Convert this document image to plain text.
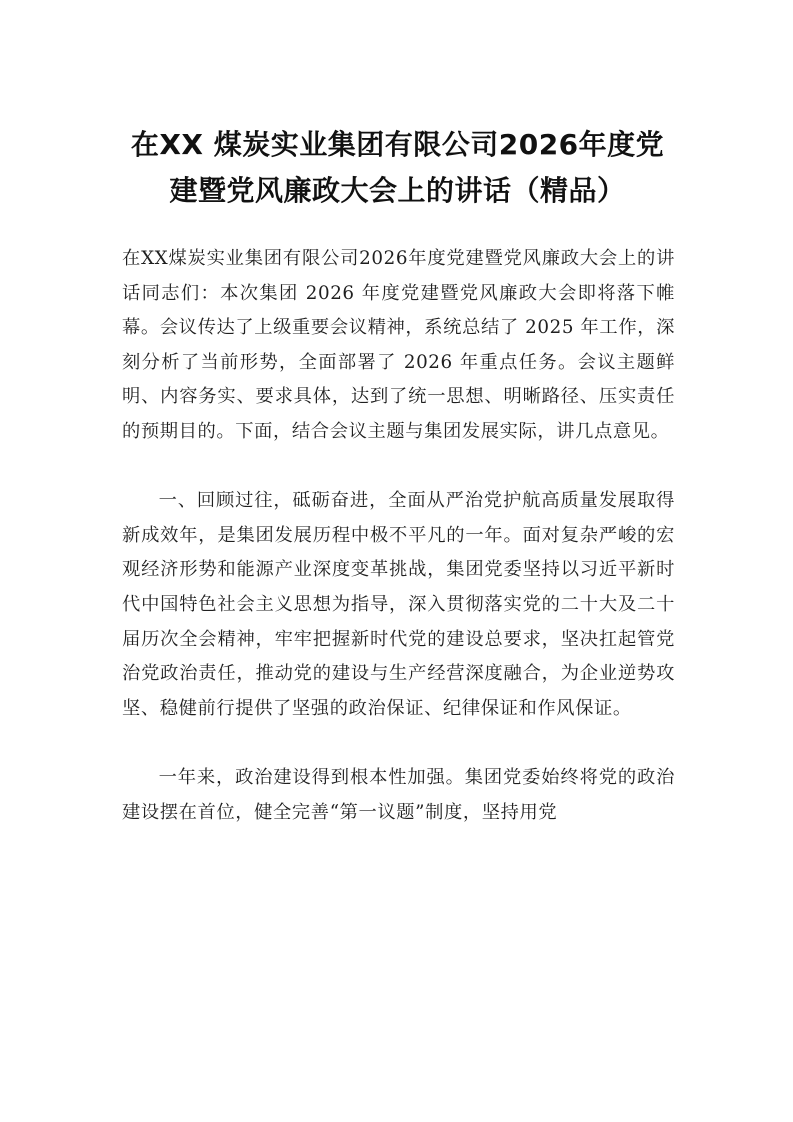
在XX 煤炭实业集团有限公司2026年度党
建暨党风廉政大会上的讲话（精品）

在XX煤炭实业集团有限公司2026年度党建暨党风廉政大会上的讲话同志们：本次集团 2026 年度党建暨党风廉政大会即将落下帷幕。会议传达了上级重要会议精神，系统总结了 2025 年工作，深刻分析了当前形势，全面部署了 2026 年重点任务。会议主题鲜明、内容务实、要求具体，达到了统一思想、明晰路径、压实责任的预期目的。下面，结合会议主题与集团发展实际，讲几点意见。

一、回顾过往，砥砺奋进，全面从严治党护航高质量发展取得新成效年，是集团发展历程中极不平凡的一年。面对复杂严峻的宏观经济形势和能源产业深度变革挑战，集团党委坚持以习近平新时代中国特色社会主义思想为指导，深入贯彻落实党的二十大及二十届历次全会精神，牢牢把握新时代党的建设总要求，坚决扛起管党治党政治责任，推动党的建设与生产经营深度融合，为企业逆势攻坚、稳健前行提供了坚强的政治保证、纪律保证和作风保证。

一年来，政治建设得到根本性加强。集团党委始终将党的政治建设摆在首位，健全完善“第一议题”制度，坚持用党
